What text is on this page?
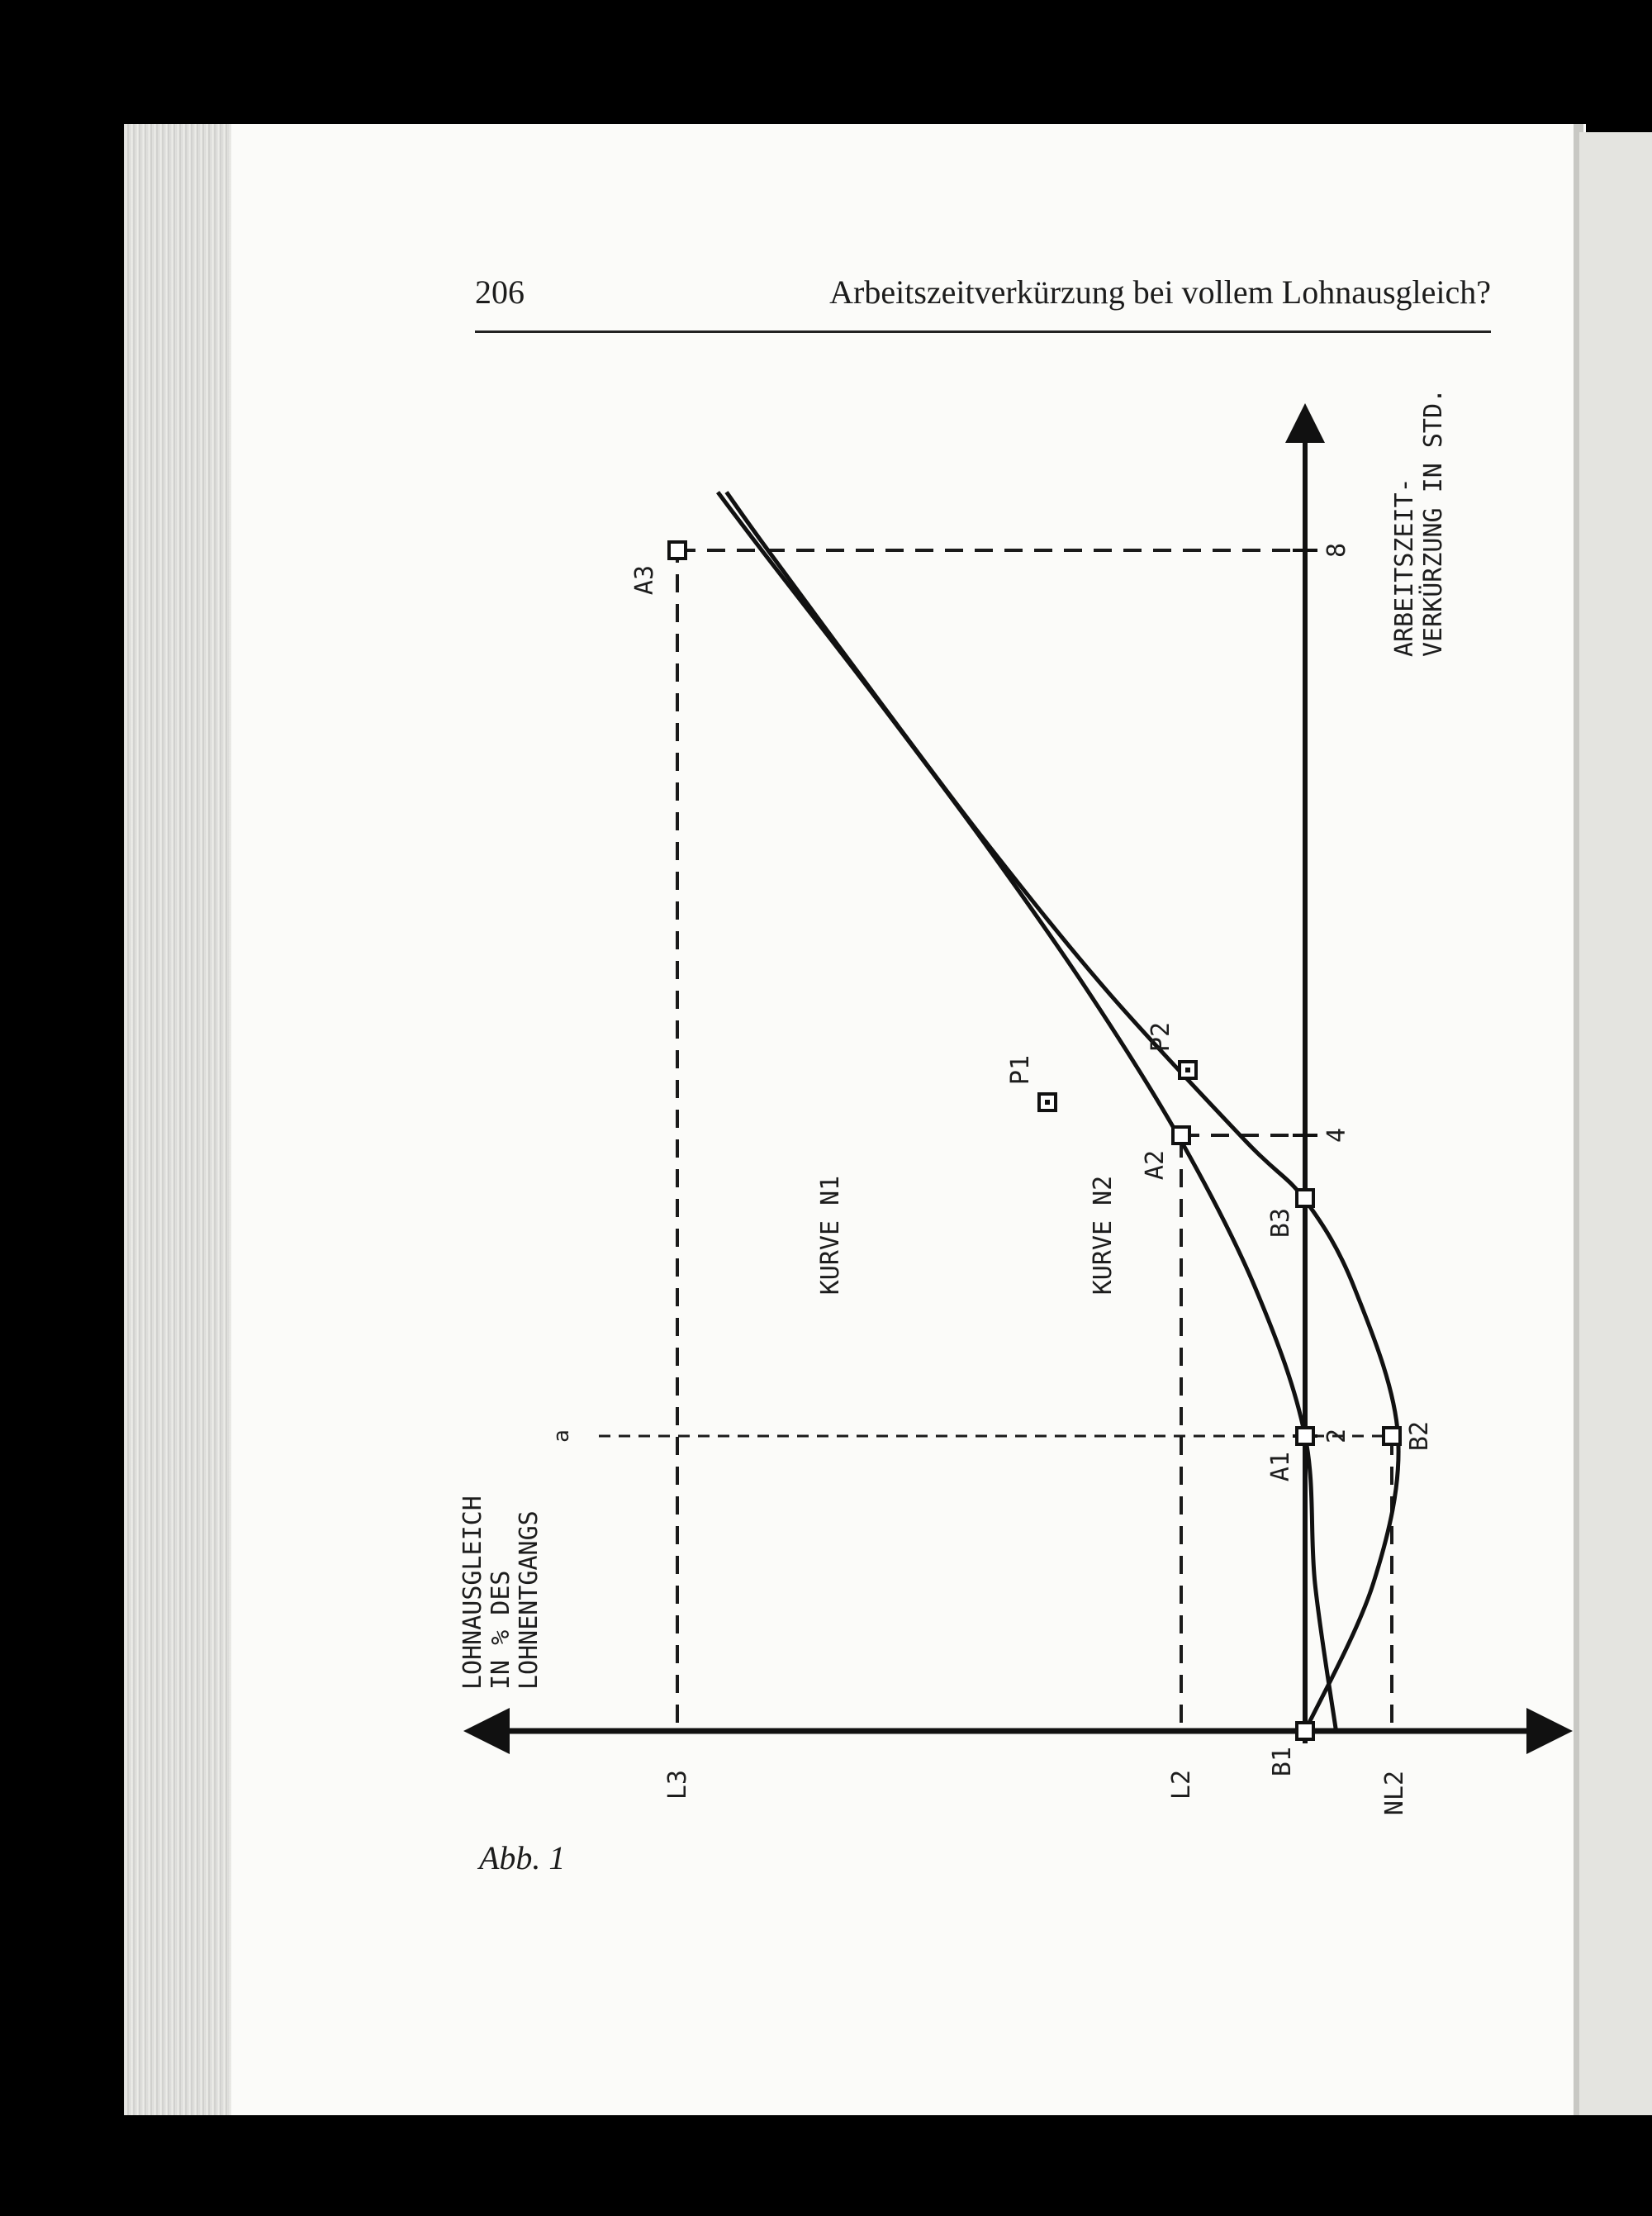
206	Arbeitszeitverkürzung bei vollem Lohnausgleich?
ARBEITSZEIT- VERKÜRZUNG IN STD.
LOHNAUSGLEICH IN % DES LOHNENTGANGS
2
4
8
L3	L2	NL2
a
KURVE N1	KURVE N2
A1
A2
A3
B1
B2
B3
P1
P2
Abb. 1
